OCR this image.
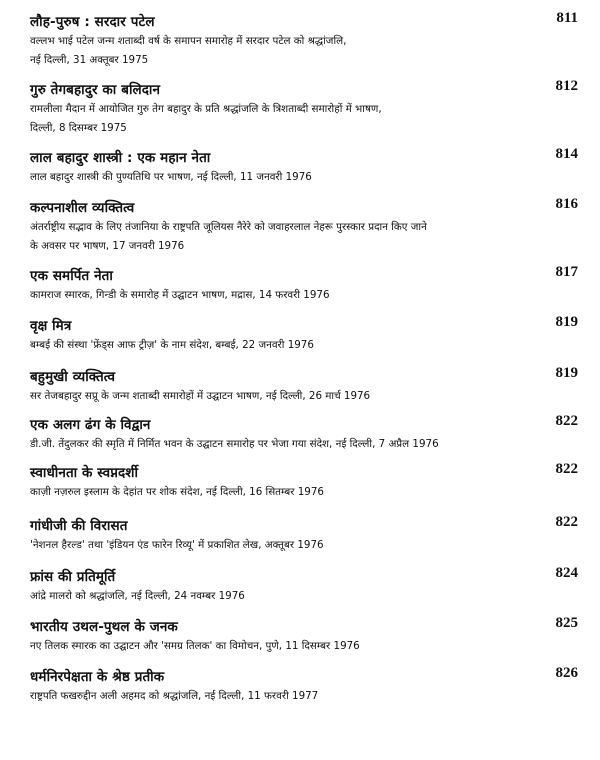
लौह-पुरुष : सरदार पटेल	811
वल्लभ भाई पटेल जन्म शताब्दी वर्ष के समापन समारोह में सरदार पटेल को श्रद्धांजलि,
नई दिल्ली, 31 अक्तूबर 1975
गुरु तेगबहादुर का बलिदान	812
रामलीला मैदान में आयोजित गुरु तेग बहादुर के प्रति श्रद्धांजलि के त्रिशताब्दी समारोहों में भाषण,
दिल्ली, 8 दिसम्बर 1975
लाल बहादुर शास्त्री : एक महान नेता	814
लाल बहादुर शास्त्री की पुण्यतिथि पर भाषण, नई दिल्ली, 11 जनवरी 1976
कल्पनाशील व्यक्तित्व	816
अंतर्राष्ट्रीय सद्भाव के लिए तंजानिया के राष्ट्रपति जूलियस नैरेरे को जवाहरलाल नेहरू पुरस्कार प्रदान किए जाने
के अवसर पर भाषण, 17 जनवरी 1976
एक समर्पित नेता	817
कामराज स्मारक, गिन्डी के समारोह में उद्घाटन भाषण, मद्रास, 14 फरवरी 1976
वृक्ष मित्र	819
बम्बई की संस्था 'फ्रेंड्स आफ ट्रीज़' के नाम संदेश, बम्बई, 22 जनवरी 1976
बहुमुखी व्यक्तित्व	819
सर तेजबहादुर सप्रू के जन्म शताब्दी समारोहों में उद्घाटन भाषण, नई दिल्ली, 26 मार्च 1976
एक अलग ढंग के विद्वान	822
डी.जी. तेंदुलकर की स्मृति में निर्मित भवन के उद्घाटन समारोह पर भेजा गया संदेश, नई दिल्ली, 7 अप्रैल 1976
स्वाधीनता के स्वप्नदर्शी	822
काज़ी नज़रुल इस्लाम के देहांत पर शोक संदेश, नई दिल्ली, 16 सितम्बर 1976
गांधीजी की विरासत	822
'नेशनल हैरल्ड' तथा 'इंडियन एंड फारेन रिव्यू' में प्रकाशित लेख, अक्तूबर 1976
फ्रांस की प्रतिमूर्ति	824
आंद्रे मालरो को श्रद्धांजलि, नई दिल्ली, 24 नवम्बर 1976
भारतीय उथल-पुथल के जनक	825
नए तिलक स्मारक का उद्घाटन और 'समग्र तिलक' का विमोचन, पुणे, 11 दिसम्बर 1976
धर्मनिरपेक्षता के श्रेष्ठ प्रतीक	826
राष्ट्रपति फखरुद्दीन अली अहमद को श्रद्धांजलि, नई दिल्ली, 11 फरवरी 1977
